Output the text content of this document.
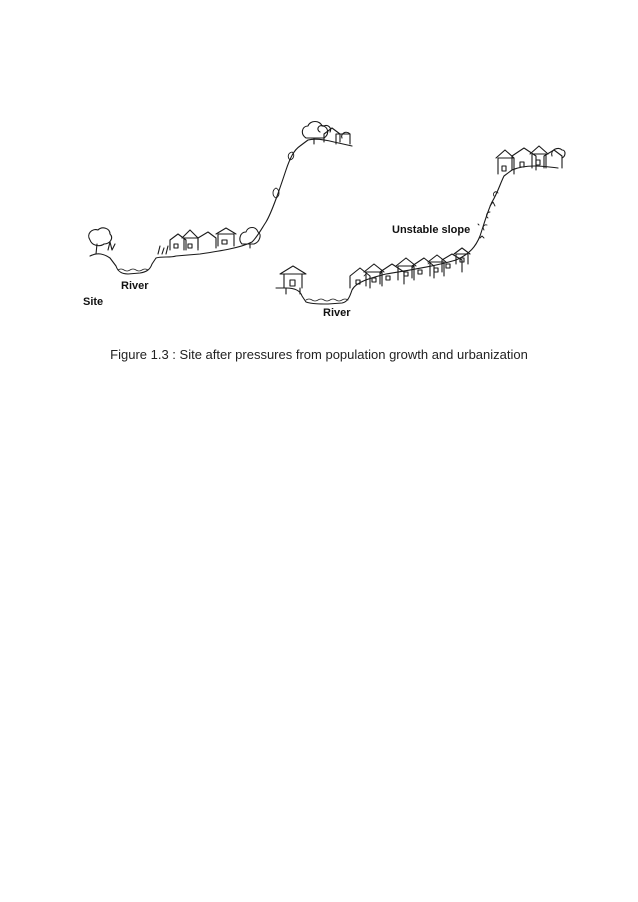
River
Site
River
Unstable slope
Figure 1.3 : Site after pressures from population growth and urbanization
